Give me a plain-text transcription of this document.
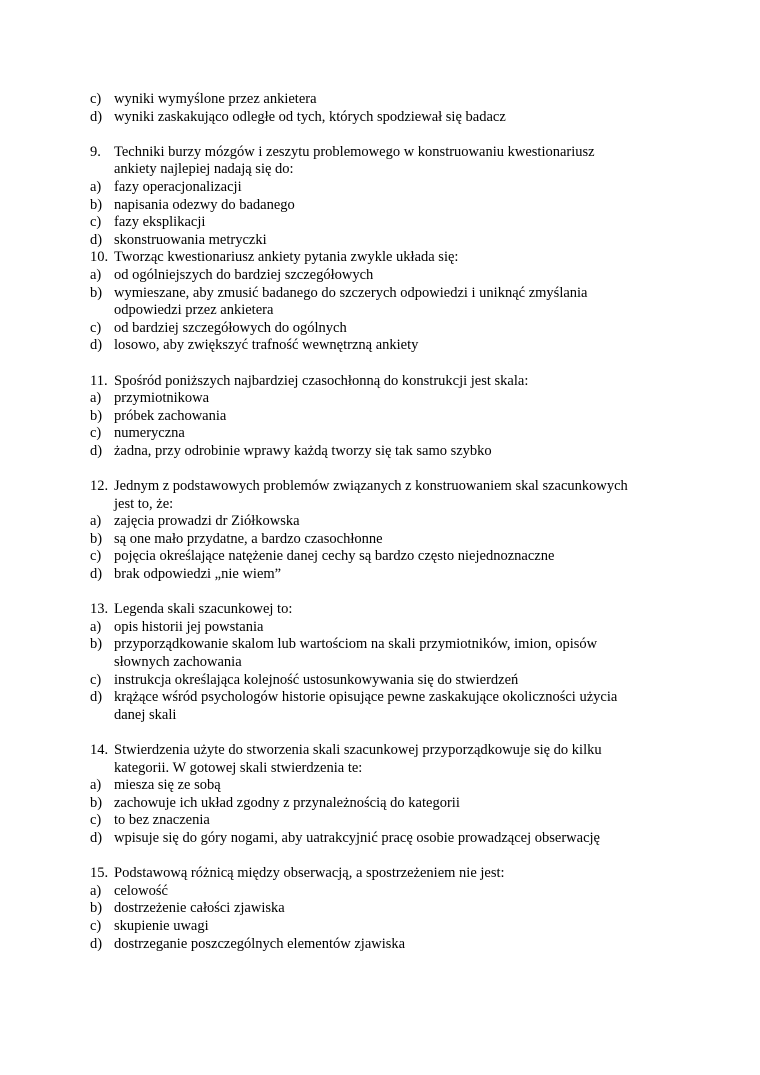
c) wyniki wymyślone przez ankietera
d) wyniki zaskakująco odległe od tych, których spodziewał się badacz
9. Techniki burzy mózgów i zeszytu problemowego w konstruowaniu kwestionariusz
ankiety najlepiej nadają się do:
a) fazy operacjonalizacji
b) napisania odezwy do badanego
c) fazy eksplikacji
d) skonstruowania metryczki
10. Tworząc kwestionariusz ankiety pytania zwykle układa się:
a) od ogólniejszych do bardziej szczegółowych
b) wymieszane, aby zmusić badanego do szczerych odpowiedzi i uniknąć zmyślania
odpowiedzi przez ankietera
c) od bardziej szczegółowych do ogólnych
d) losowo, aby zwiększyć trafność wewnętrzną ankiety
11. Spośród poniższych najbardziej czasochłonną do konstrukcji jest skala:
a) przymiotnikowa
b) próbek zachowania
c) numeryczna
d) żadna, przy odrobinie wprawy każdą tworzy się tak samo szybko
12. Jednym z podstawowych problemów związanych z konstruowaniem skal szacunkowych
jest to, że:
a) zajęcia prowadzi dr Ziółkowska
b) są one mało przydatne, a bardzo czasochłonne
c) pojęcia określające natężenie danej cechy są bardzo często niejednoznaczne
d) brak odpowiedzi „nie wiem”
13. Legenda skali szacunkowej to:
a) opis historii jej powstania
b) przyporządkowanie skalom lub wartościom na skali przymiotników, imion, opisów
słownych zachowania
c) instrukcja określająca kolejność ustosunkowywania się do stwierdzeń
d) krążące wśród psychologów historie opisujące pewne zaskakujące okoliczności użycia
danej skali
14. Stwierdzenia użyte do stworzenia skali szacunkowej przyporządkowuje się do kilku
kategorii. W gotowej skali stwierdzenia te:
a) miesza się ze sobą
b) zachowuje ich układ zgodny z przynależnością do kategorii
c) to bez znaczenia
d) wpisuje się do góry nogami, aby uatrakcyjnić pracę osobie prowadzącej obserwację
15. Podstawową różnicą między obserwacją, a spostrzeżeniem nie jest:
a) celowość
b) dostrzeżenie całości zjawiska
c) skupienie uwagi
d) dostrzeganie poszczególnych elementów zjawiska
